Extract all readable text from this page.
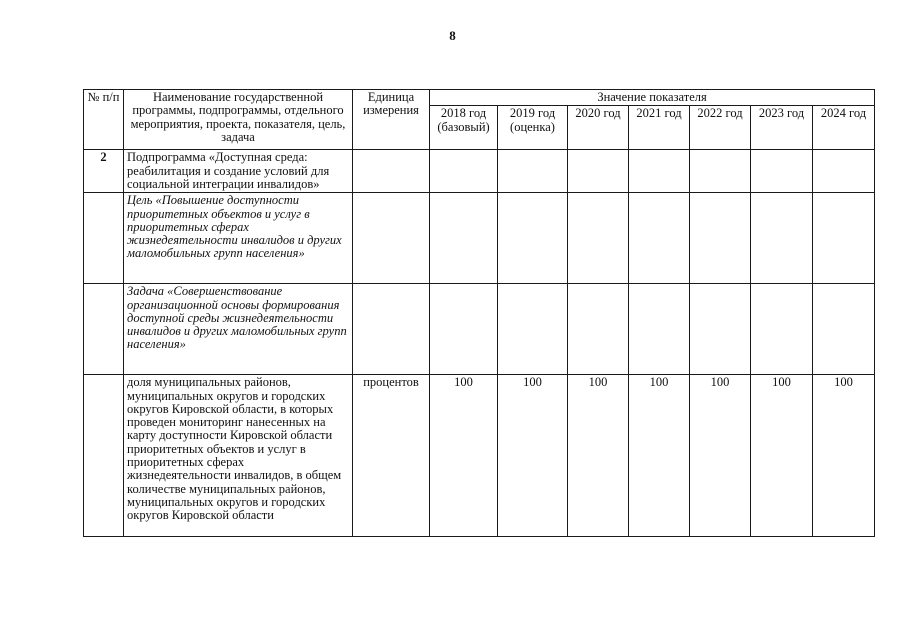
8
№ п/п	Наименование государственной программы, подпрограммы, отдельного мероприятия, проекта, показателя, цель, задача	Единица измерения	Значение показателя						
			2018 год (базовый)	2019 год (оценка)	2020 год	2021 год	2022 год	2023 год	2024 год
2	Подпрограмма «Доступная среда: реабилитация и создание условий для социальной интеграции инвалидов»								
	Цель «Повышение доступности приоритетных объектов и услуг в приоритетных сферах жизнедеятельности инвалидов и других маломобильных групп населения»								
	Задача «Совершенствование организационной основы формирования доступной среды жизнедеятельности инвалидов и других маломобильных групп населения»								
	доля муниципальных районов, муниципальных округов и городских округов Кировской области, в которых проведен мониторинг нанесенных на карту доступности Кировской области приоритетных объектов и услуг в приоритетных сферах жизнедеятельности инвалидов, в общем количестве муниципальных районов, муниципальных округов и городских округов Кировской области	процентов	100	100	100	100	100	100	100
